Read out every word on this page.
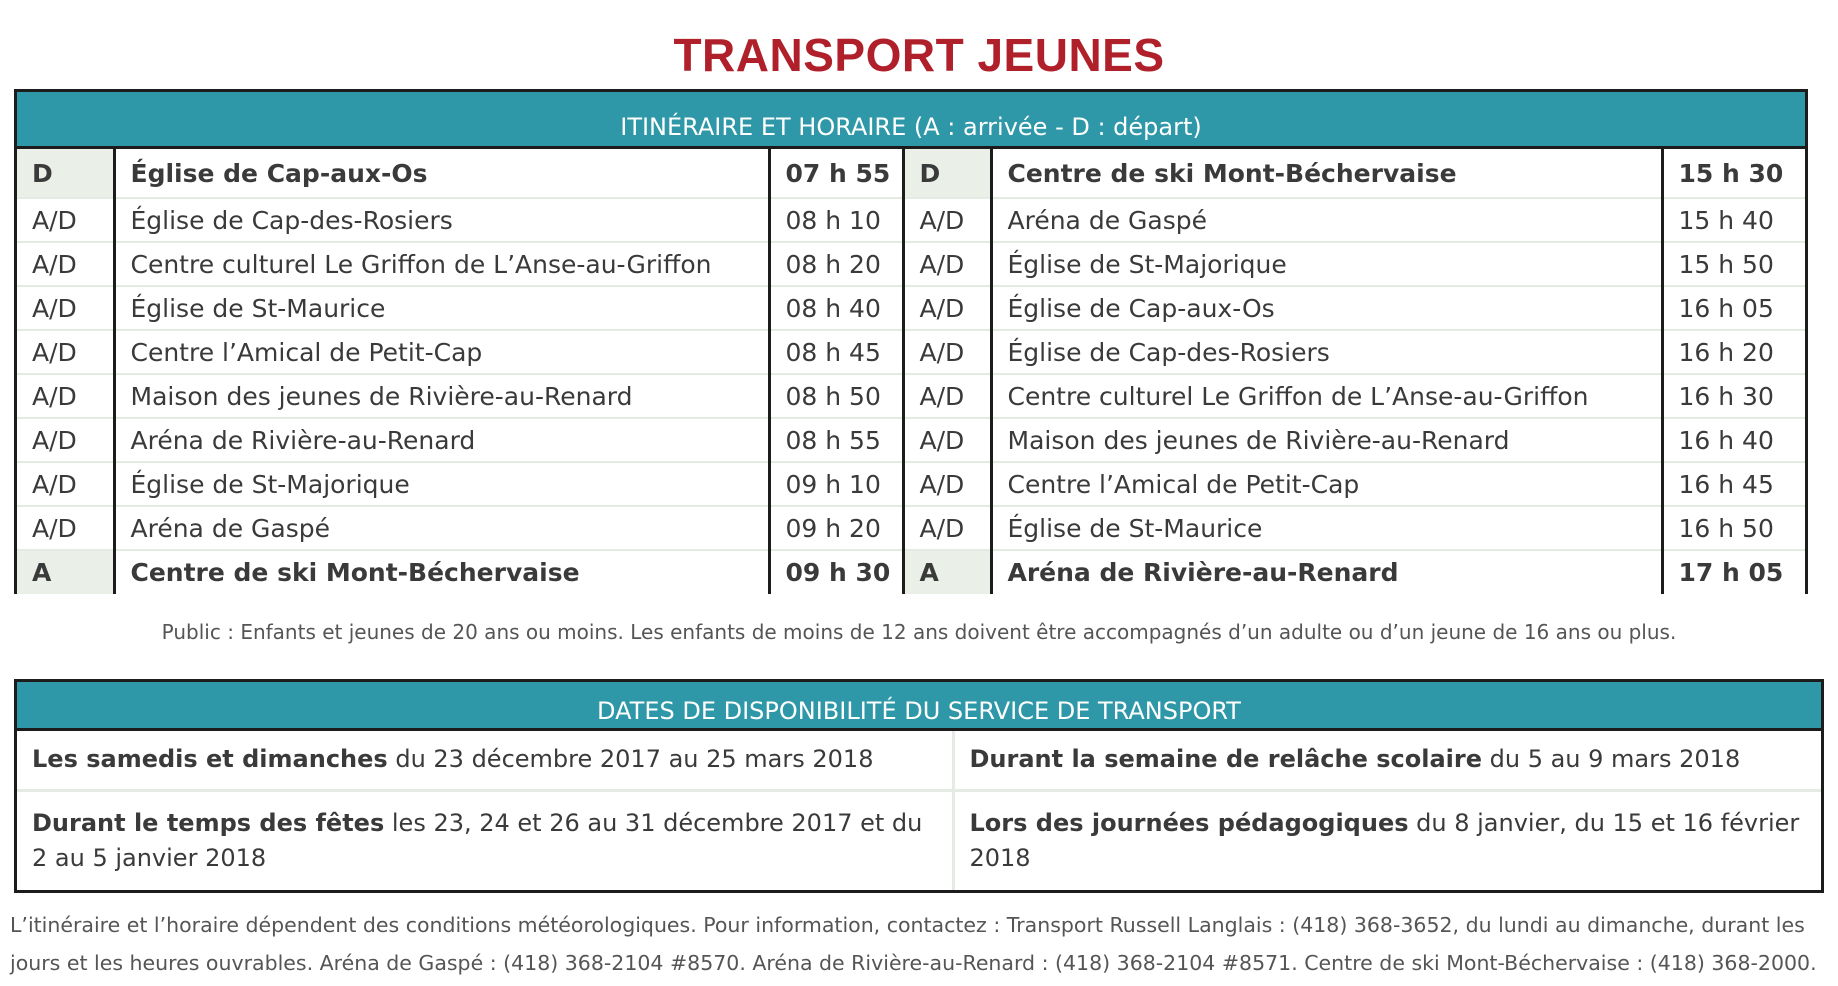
TRANSPORT JEUNES
ITINÉRAIRE ET HORAIRE (A : arrivée - D : départ)
D	Église de Cap-aux-Os	07 h 55	D	Centre de ski Mont-Béchervaise	15 h 30
A/D	Église de Cap-des-Rosiers	08 h 10	A/D	Aréna de Gaspé	15 h 40
A/D	Centre culturel Le Griffon de L’Anse-au-Griffon	08 h 20	A/D	Église de St-Majorique	15 h 50
A/D	Église de St-Maurice	08 h 40	A/D	Église de Cap-aux-Os	16 h 05
A/D	Centre l’Amical de Petit-Cap	08 h 45	A/D	Église de Cap-des-Rosiers	16 h 20
A/D	Maison des jeunes de Rivière-au-Renard	08 h 50	A/D	Centre culturel Le Griffon de L’Anse-au-Griffon	16 h 30
A/D	Aréna de Rivière-au-Renard	08 h 55	A/D	Maison des jeunes de Rivière-au-Renard	16 h 40
A/D	Église de St-Majorique	09 h 10	A/D	Centre l’Amical de Petit-Cap	16 h 45
A/D	Aréna de Gaspé	09 h 20	A/D	Église de St-Maurice	16 h 50
A	Centre de ski Mont-Béchervaise	09 h 30	A	Aréna de Rivière-au-Renard	17 h 05
Public : Enfants et jeunes de 20 ans ou moins. Les enfants de moins de 12 ans doivent être accompagnés d’un adulte ou d’un jeune de 16 ans ou plus.
DATES DE DISPONIBILITÉ DU SERVICE DE TRANSPORT
Les samedis et dimanches du 23 décembre 2017 au 25 mars 2018	Durant la semaine de relâche scolaire du 5 au 9 mars 2018
Durant le temps des fêtes les 23, 24 et 26 au 31 décembre 2017 et du 2 au 5 janvier 2018	Lors des journées pédagogiques du 8 janvier, du 15 et 16 février 2018
L’itinéraire et l’horaire dépendent des conditions météorologiques. Pour information, contactez : Transport Russell Langlais : (418) 368-3652, du lundi au dimanche, durant les jours et les heures ouvrables. Aréna de Gaspé : (418) 368-2104 #8570. Aréna de Rivière-au-Renard : (418) 368-2104 #8571. Centre de ski Mont-Béchervaise : (418) 368-2000.
